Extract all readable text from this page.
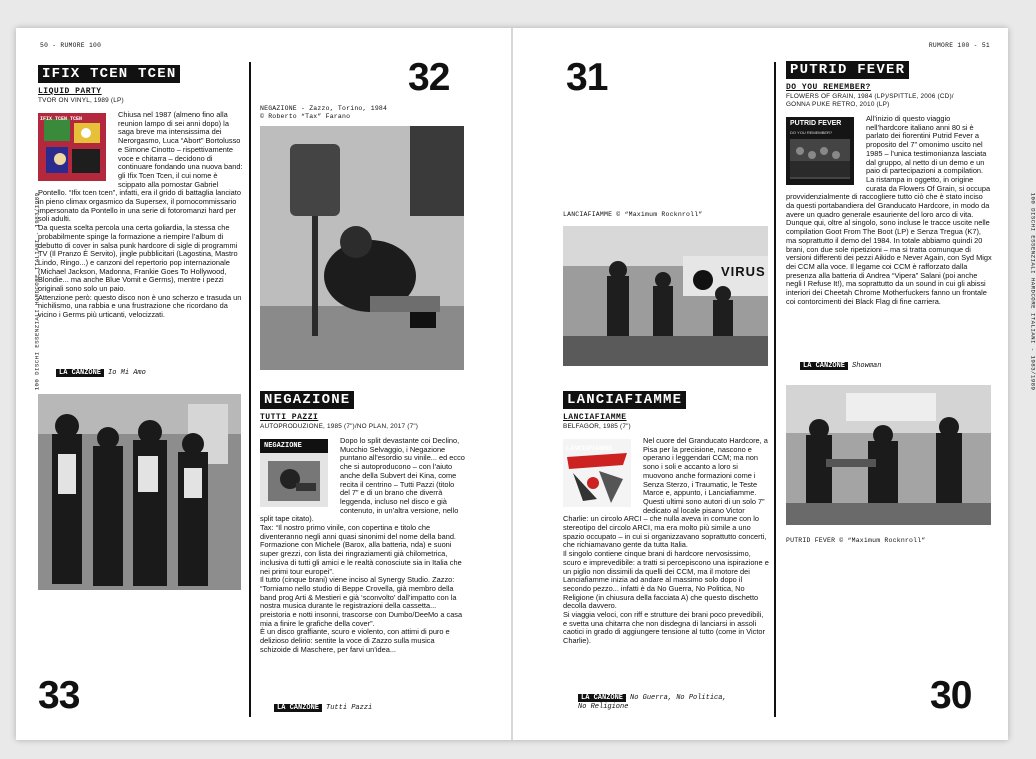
50 - RUMORE 100	RUMORE 100 - 51
100 DISCHI ESSENZIALI HARDCORE ITALIANI - 1983/1989	100 DISCHI ESSENZIALI HARDCORE ITALIANI - 1983/1989
IFIX TCEN TCEN
LIQUID PARTY
TVOR ON VINYL, 1989 (LP)
IFIX TCEN TCEN	Chiusa nel 1987 (almeno fino alla reunion lampo di sei anni dopo) la saga breve ma intensissima dei Nerorgasmo, Luca “Abort” Bortolusso e Simone Cinotto – rispettivamente voce e chitarra – decidono di continuare fondando una nuova band: gli Ifix Tcen Tcen, il cui nome è scippato alla pornostar Gabriel Pontello. “Ifix tcen tcen”, infatti, era il grido di battaglia lanciato in pieno climax orgasmico da Supersex, il pornocommissario impersonato da Pontello in una serie di fotoromanzi hard per soli adulti.
Da questa scelta percola una certa goliardia, la stessa che probabilmente spinge la formazione a riempire l’album di debutto di cover in salsa punk hardcore di sigle di programmi TV (Il Pranzo È Servito), jingle pubblicitari (Lagostina, Mastro Lindo, Ringo...) e canzoni del repertorio pop internazionale (Michael Jackson, Madonna, Frankie Goes To Hollywood, Blondie... ma anche Blue Vomit e Germs), mentre i pezzi originali sono solo un paio.
Attenzione però: questo disco non è uno scherzo e trasuda un nichilismo, una rabbia e una frustrazione che ricordano da vicino i Germs più urticanti, velocizzati.
LA CANZONE Io Mi Amo
33
32
NEGAZIONE - Zazzo, Torino, 1984
© Roberto “Tax” Farano
NEGAZIONE
TUTTI PAZZI
AUTOPRODUZIONE, 1985 (7")/NO PLAN, 2017 (7")
NEGAZIONE
Dopo lo split devastante coi Declino, Mucchio Selvaggio, i Negazione puntano all’esordio su vinile... ed ecco che si autoproducono – con l’aiuto anche della Subvert dei Kina, come recita il centrino – Tutti Pazzi (titolo del 7” e di un brano che diverrà leggenda, incluso nel disco e già contenuto, in un’altra versione, nello split tape citato).
Tax: “Il nostro primo vinile, con copertina e titolo che diventeranno negli anni quasi sinonimi del nome della band. Formazione con Michele (Barox, alla batteria, nda) e suoni super grezzi, con lista dei ringraziamenti già chilometrica, inclusiva di tutti gli amici e le realtà conosciute sia in Italia che nei primi tour europei”.
Il tutto (cinque brani) viene inciso al Synergy Studio. Zazzo: “Torniamo nello studio di Beppe Crovella, già membro della band prog Arti & Mestieri e già ‘sconvolto’ dall’impatto con la nostra musica durante le registrazioni della cassetta... preistoria e notti insonni, trascorse con Dumbo/DeeMo a casa mia a finire le grafiche della cover”.
È un disco graffiante, scuro e violento, con attimi di puro e delizioso delirio: sentite la voce di Zazzo sulla musica schizoide di Maschere, per farvi un’idea...
LA CANZONE Tutti Pazzi
31
LANCIAFIAMME © “Maximum Rocknroll”
VIRUS
LANCIAFIAMME
LANCIAFIAMME
BELFAGOR, 1985 (7")
LANCIAFIAMME
Nel cuore del Granducato Hardcore, a Pisa per la precisione, nascono e operano i leggendari CCM; ma non sono i soli e accanto a loro si muovono anche formazioni come i Senza Sterzo, i Traumatic, le Teste Marce e, appunto, i Lanciafiamme.
Questi ultimi sono autori di un solo 7” dedicato al locale pisano Victor Charlie: un circolo ARCI – che nulla aveva in comune con lo stereotipo del circolo ARCI, ma era molto più simile a uno spazio occupato – in cui si organizzavano soprattutto concerti, che richiamavano gente da tutta Italia.
Il singolo contiene cinque brani di hardcore nervosissimo, scuro e imprevedibile: a tratti si percepiscono una ispirazione e un piglio non dissimili da quelli dei CCM, ma il motore dei Lanciafiamme inizia ad andare al massimo solo dopo il secondo pezzo... infatti è da No Guerra, No Politica, No Religione (in chiusura della facciata A) che questo dischetto decolla davvero.
Si viaggia veloci, con riff e strutture dei brani poco prevedibili, e svetta una chitarra che non disdegna di lanciarsi in assoli caotici in grado di aggiungere tensione al tutto (come in Victor Charlie).
LA CANZONE No Guerra, No Politica,
No Religione
PUTRID FEVER
DO YOU REMEMBER?
FLOWERS OF GRAIN, 1984 (LP)/SPITTLE, 2006 (CD)/
GONNA PUKE RETRO, 2010 (LP)
PUTRID FEVER
DO YOU REMEMBER?
All’inizio di questo viaggio nell’hardcore italiano anni 80 si è parlato dei fiorentini Putrid Fever a proposito del 7” omonimo uscito nel 1985 – l’unica testimonianza lasciata dal gruppo, al netto di un demo e un paio di partecipazioni a compilation.
La ristampa in oggetto, in origine curata da Flowers Of Grain, si occupa provvidenzialmente di raccogliere tutto ciò che è stato inciso da questi portabandiera del Granducato Hardcore, in modo da avere un quadro generale esauriente del loro arco di vita. Dunque qui, oltre al singolo, sono incluse le tracce uscite nelle compilation Goot From The Boot (LP) e Senza Tregua (K7), ma soprattutto il demo del 1984. In totale abbiamo quindi 20 brani, con due sole ripetizioni – ma si tratta comunque di versioni differenti dei pezzi Aikido e Never Again, con Syd Migx dei CCM alla voce. Il legame coi CCM è rafforzato dalla presenza alla batteria di Andrea “Vipera” Salani (poi anche negli I Refuse It!), ma soprattutto da un sound in cui gli abissi interiori dei Cheetah Chrome Motherfuckers fanno un frontale coi contorcimenti dei Black Flag di fine carriera.
LA CANZONE Showman
PUTRID FEVER © “Maximum Rocknroll”
30
